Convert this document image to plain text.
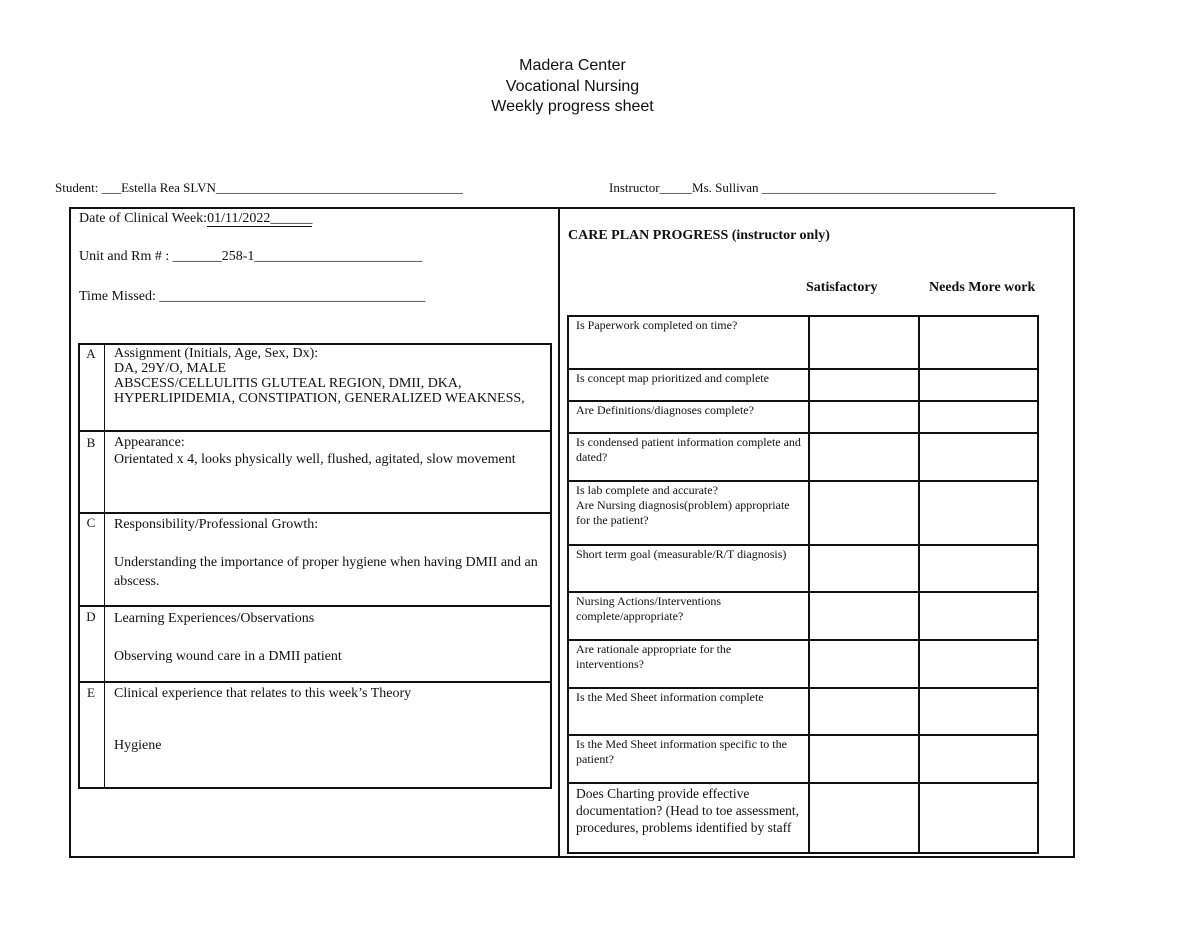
Madera Center
Vocational Nursing
Weekly progress sheet
Student: ___Estella Rea SLVN______________________________________	Instructor_____Ms. Sullivan ____________________________________
Date of Clinical Week:01/11/2022______
Unit and Rm # : _______258-1________________________
Time Missed: ______________________________________
A	Assignment (Initials, Age, Sex, Dx):
DA, 29Y/O, MALE
ABSCESS/CELLULITIS GLUTEAL REGION, DMII, DKA, HYPERLIPIDEMIA, CONSTIPATION, GENERALIZED WEAKNESS,
B	Appearance:
Orientated x 4, looks physically well, flushed, agitated, slow movement
C	Responsibility/Professional Growth:
Understanding the importance of proper hygiene when having DMII and an abscess.
D	Learning Experiences/Observations
Observing wound care in a DMII patient
E	Clinical experience that relates to this week’s Theory
Hygiene
CARE PLAN PROGRESS (instructor only)
Satisfactory	Needs More work
Is Paperwork completed on time?		
Is concept map prioritized and complete		
Are Definitions/diagnoses complete?		
Is condensed patient information complete and dated?		
Is lab complete and accurate?
Are Nursing diagnosis(problem) appropriate for the patient?		
Short term goal (measurable/R/T diagnosis)		
Nursing Actions/Interventions complete/appropriate?		
Are rationale appropriate for the interventions?		
Is the Med Sheet information complete		
Is the Med Sheet information specific to the patient?		
Does Charting provide effective documentation? (Head to toe assessment, procedures, problems identified by staff		
